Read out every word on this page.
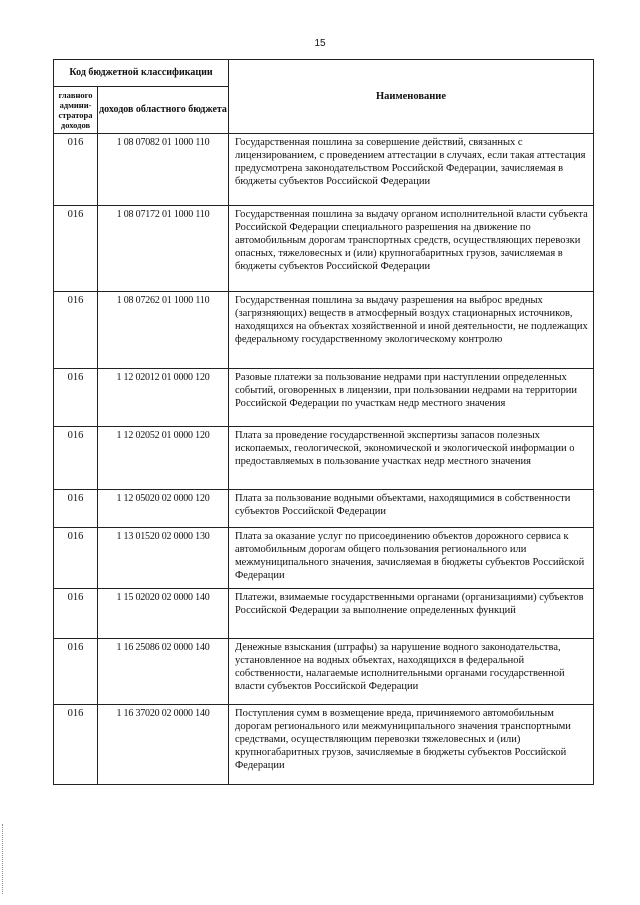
15
Код бюджетной классификации		Наименование
главного админи-стратора доходов	доходов областного бюджета	
016	1 08 07082 01 1000 110	Государственная пошлина за совершение действий, связанных с лицензированием, с проведением аттестации в случаях, если такая аттестация предусмотрена законодательством Российской Федерации, зачисляемая в бюджеты субъектов Российской Федерации
016	1 08 07172 01 1000 110	Государственная пошлина за выдачу органом исполнительной власти субъекта Российской Федерации специального разрешения на движение по автомобильным дорогам транспортных средств, осуществляющих перевозки опасных, тяжеловесных и (или) крупногабаритных грузов, зачисляемая в бюджеты субъектов Российской Федерации
016	1 08 07262 01 1000 110	Государственная пошлина за выдачу разрешения на выброс вредных (загрязняющих) веществ в атмосферный воздух стационарных источников, находящихся на объектах хозяйственной и иной деятельности, не подлежащих федеральному государственному экологическому контролю
016	1 12 02012 01 0000 120	Разовые платежи за пользование недрами при наступлении определенных событий, оговоренных в лицензии, при пользовании недрами на территории Российской Федерации по участкам недр местного значения
016	1 12 02052 01 0000 120	Плата за проведение государственной экспертизы запасов полезных ископаемых, геологической, экономической и экологической информации о предоставляемых в пользование участках недр местного значения
016	1 12 05020 02 0000 120	Плата за пользование водными объектами, находящимися в собственности субъектов Российской Федерации
016	1 13 01520 02 0000 130	Плата за оказание услуг по присоединению объектов дорожного сервиса к автомобильным дорогам общего пользования регионального или межмуниципального значения, зачисляемая в бюджеты субъектов Российской Федерации
016	1 15 02020 02 0000 140	Платежи, взимаемые государственными органами (организациями) субъектов Российской Федерации за выполнение определенных функций
016	1 16 25086 02 0000 140	Денежные взыскания (штрафы) за нарушение водного законодательства, установленное на водных объектах, находящихся в федеральной собственности, налагаемые исполнительными органами государственной власти субъектов Российской Федерации
016	1 16 37020 02 0000 140	Поступления сумм в возмещение вреда, причиняемого автомобильным дорогам регионального или межмуниципального значения транспортными средствами, осуществляющим перевозки тяжеловесных и (или) крупногабаритных грузов, зачисляемые в бюджеты субъектов Российской Федерации
